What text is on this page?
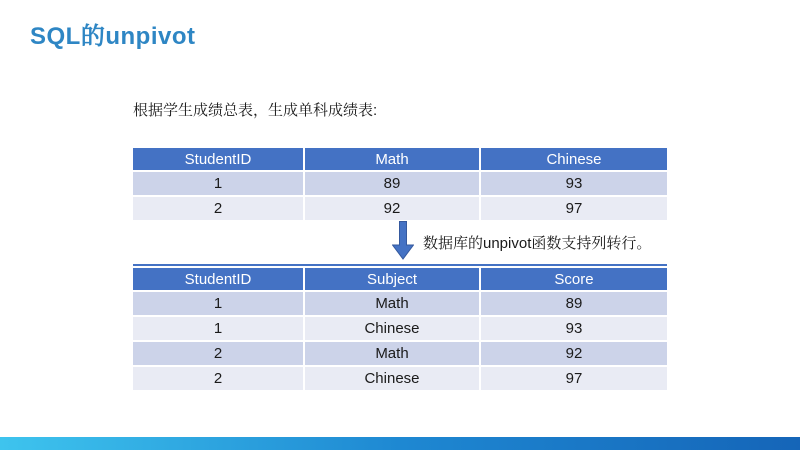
SQL的unpivot
根据学生成绩总表，生成单科成绩表:
StudentID	Math	Chinese
1	89	93
2	92	97
数据库的unpivot函数支持列转行。
StudentID	Subject	Score
1	Math	89
1	Chinese	93
2	Math	92
2	Chinese	97
